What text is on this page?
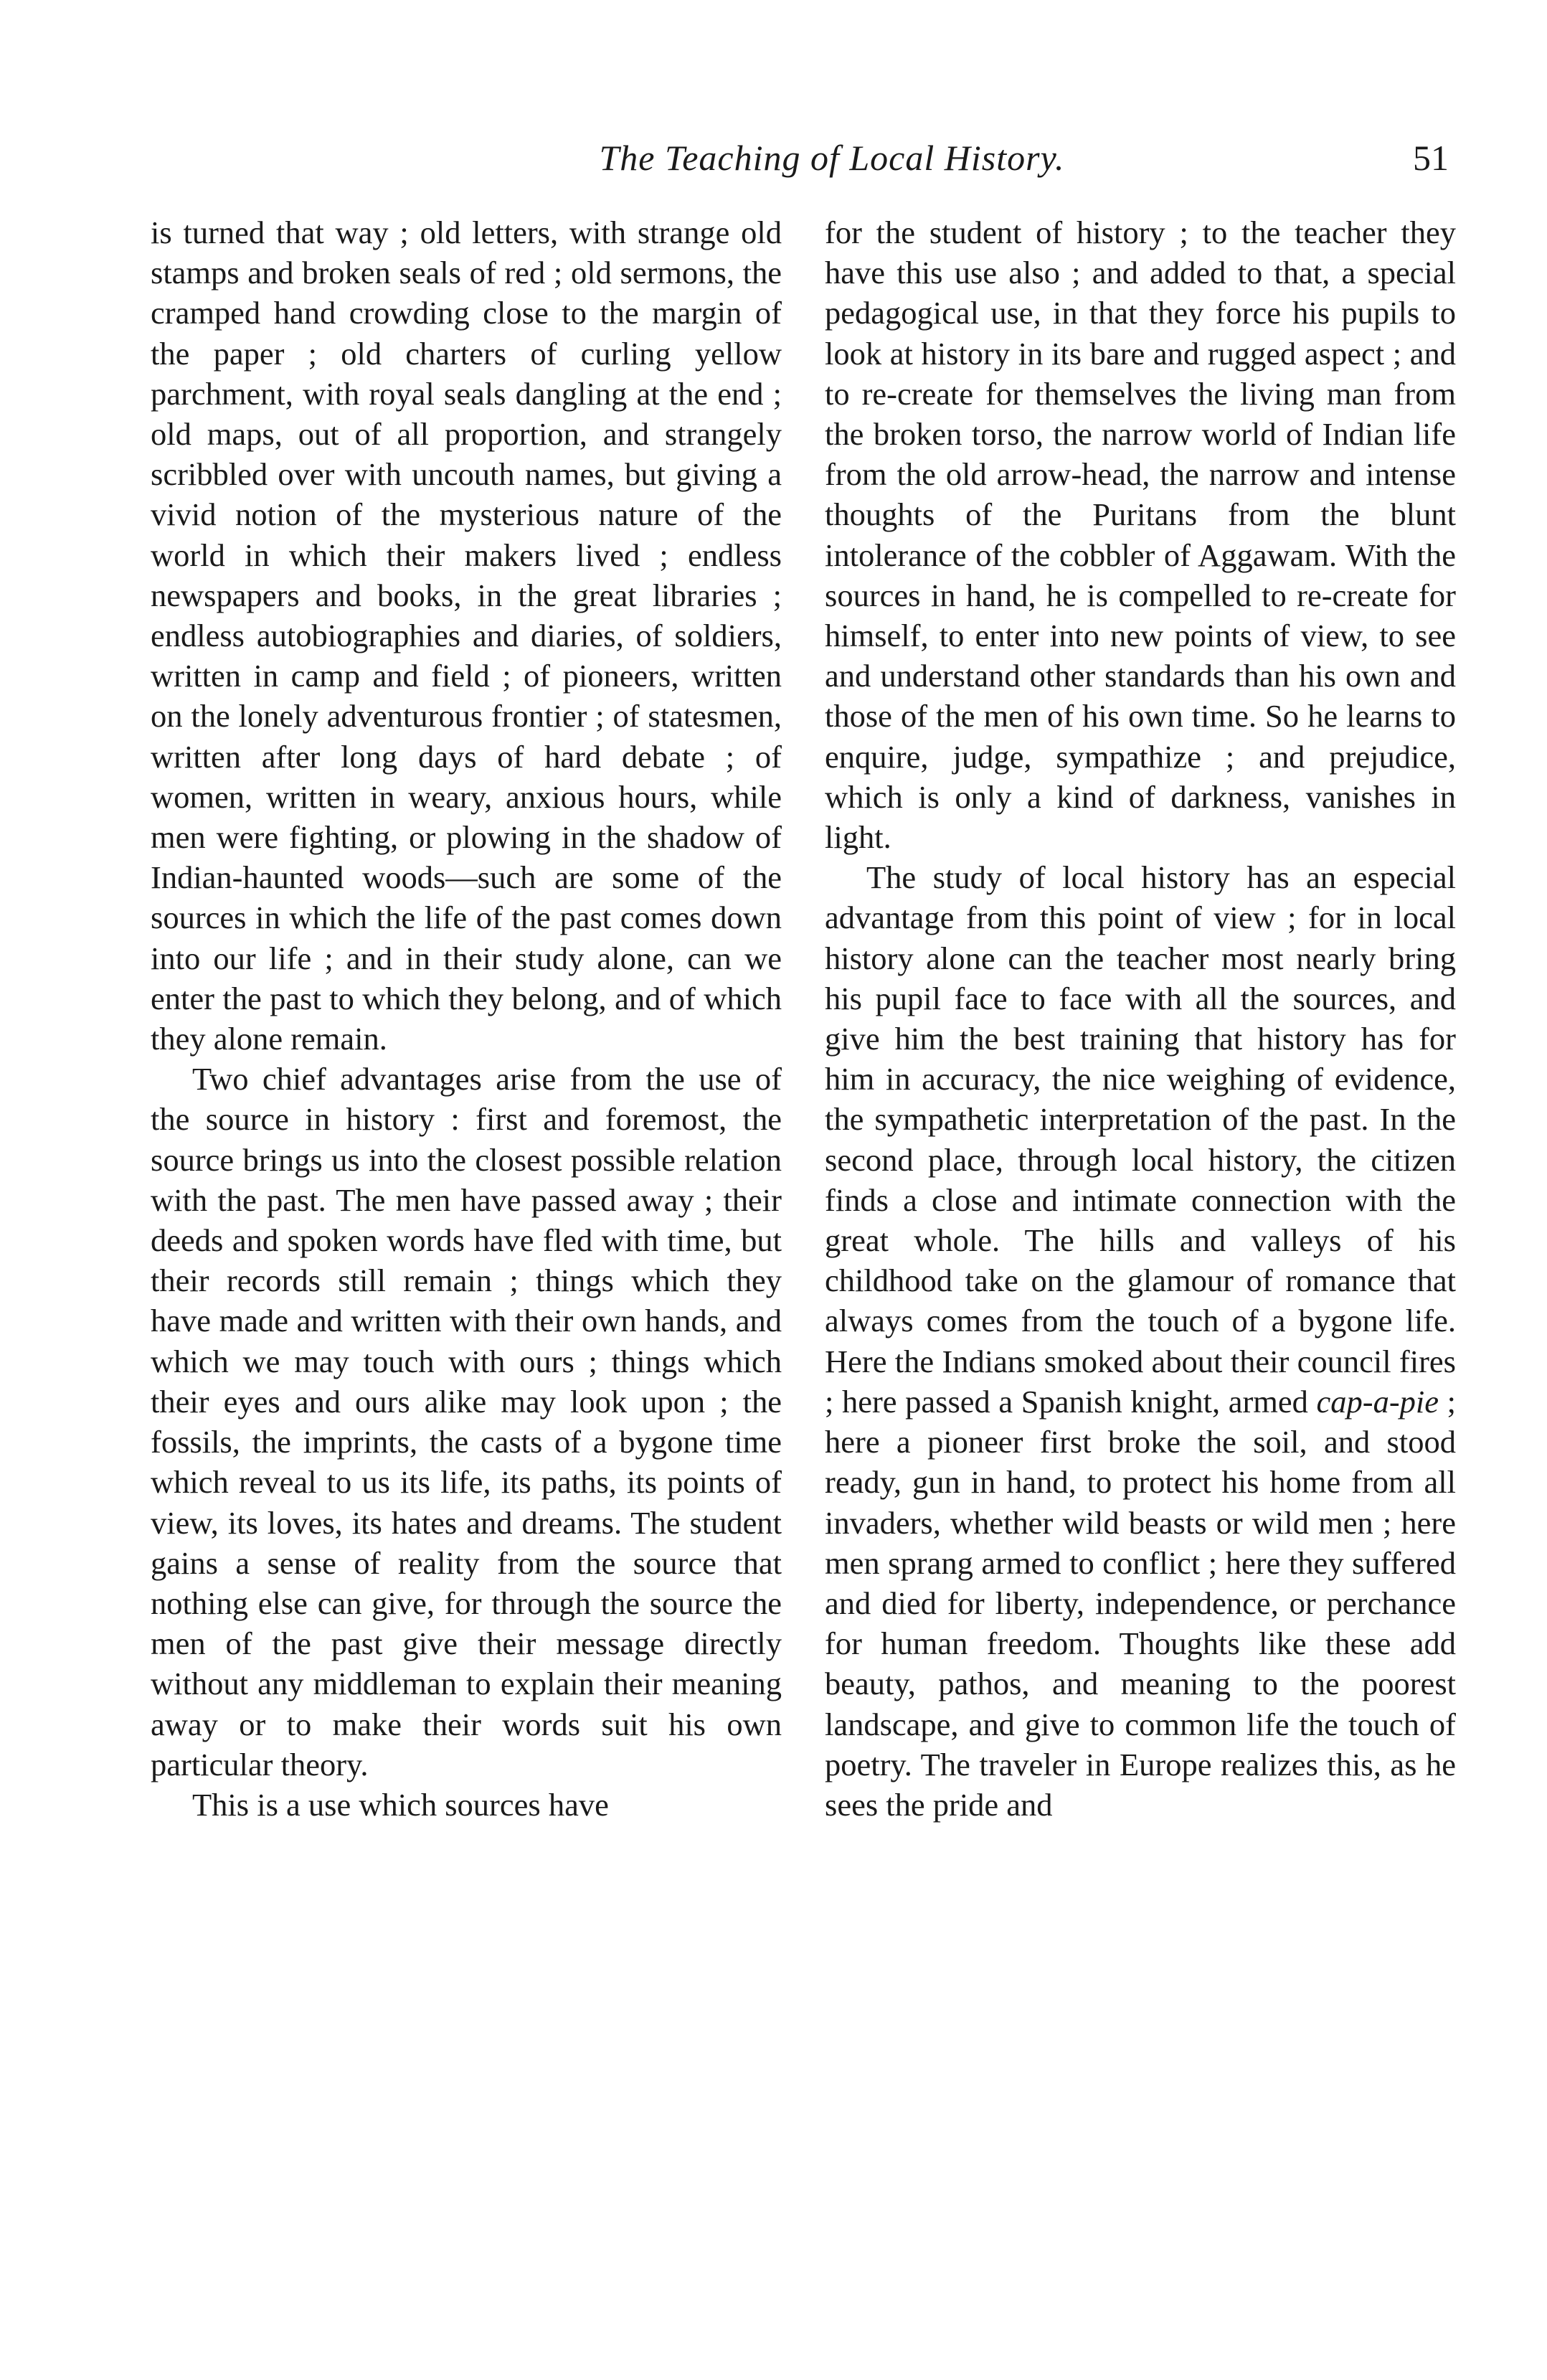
The Teaching of Local History.	51

is turned that way ; old letters, with strange old stamps and broken seals of red ; old sermons, the cramped hand crowding close to the margin of the paper ; old charters of curling yellow parchment, with royal seals dangling at the end ; old maps, out of all proportion, and strangely scribbled over with uncouth names, but giving a vivid notion of the mysterious nature of the world in which their makers lived ; endless newspapers and books, in the great libraries ; endless autobiographies and diaries, of soldiers, written in camp and field ; of pioneers, written on the lonely adventurous frontier ; of statesmen, written after long days of hard debate ; of women, written in weary, anxious hours, while men were fighting, or plowing in the shadow of Indian-haunted woods—such are some of the sources in which the life of the past comes down into our life ; and in their study alone, can we enter the past to which they belong, and of which they alone remain.

Two chief advantages arise from the use of the source in history : first and foremost, the source brings us into the closest possible relation with the past. The men have passed away ; their deeds and spoken words have fled with time, but their records still remain ; things which they have made and written with their own hands, and which we may touch with ours ; things which their eyes and ours alike may look upon ; the fossils, the imprints, the casts of a bygone time which reveal to us its life, its paths, its points of view, its loves, its hates and dreams. The student gains a sense of reality from the source that nothing else can give, for through the source the men of the past give their message directly without any middleman to explain their meaning away or to make their words suit his own particular theory.

This is a use which sources have

for the student of history ; to the teacher they have this use also ; and added to that, a special pedagogical use, in that they force his pupils to look at history in its bare and rugged aspect ; and to re-create for themselves the living man from the broken torso, the narrow world of Indian life from the old arrow-head, the narrow and intense thoughts of the Puritans from the blunt intolerance of the cobbler of Aggawam. With the sources in hand, he is compelled to re-create for himself, to enter into new points of view, to see and understand other standards than his own and those of the men of his own time. So he learns to enquire, judge, sympathize ; and prejudice, which is only a kind of darkness, vanishes in light.

The study of local history has an especial advantage from this point of view ; for in local history alone can the teacher most nearly bring his pupil face to face with all the sources, and give him the best training that history has for him in accuracy, the nice weighing of evidence, the sympathetic interpretation of the past. In the second place, through local history, the citizen finds a close and intimate connection with the great whole. The hills and valleys of his childhood take on the glamour of romance that always comes from the touch of a bygone life. Here the Indians smoked about their council fires ; here passed a Spanish knight, armed cap-a-pie ; here a pioneer first broke the soil, and stood ready, gun in hand, to protect his home from all invaders, whether wild beasts or wild men ; here men sprang armed to conflict ; here they suffered and died for liberty, independence, or perchance for human freedom. Thoughts like these add beauty, pathos, and meaning to the poorest landscape, and give to common life the touch of poetry. The traveler in Europe realizes this, as he sees the pride and
